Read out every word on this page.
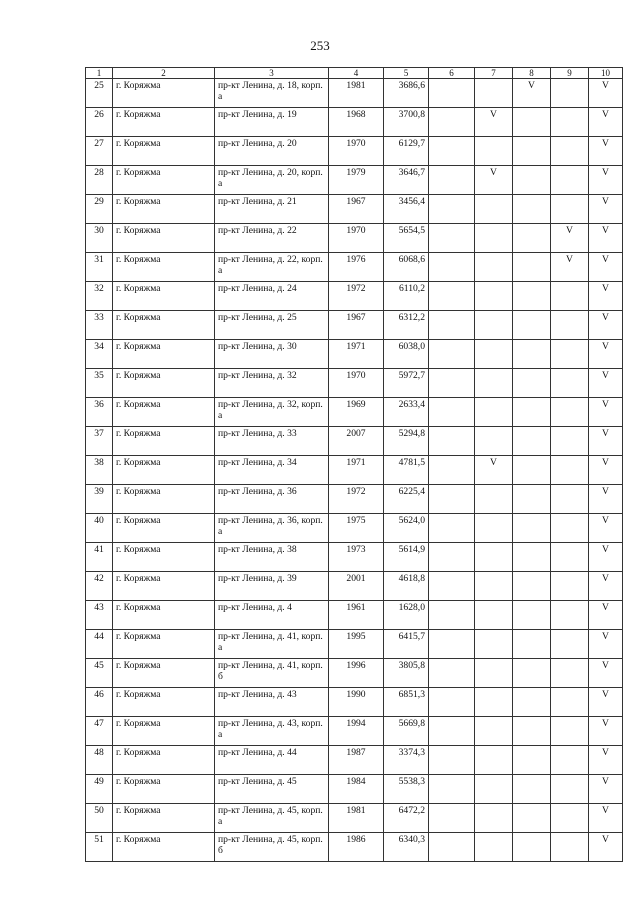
253
1	2	3	4	5	6	7	8	9	10
25	г. Коряжма	пр-кт Ленина, д. 18, корп. а	1981	3686,6			V		V
26	г. Коряжма	пр-кт Ленина, д. 19	1968	3700,8		V			V
27	г. Коряжма	пр-кт Ленина, д. 20	1970	6129,7					V
28	г. Коряжма	пр-кт Ленина, д. 20, корп. а	1979	3646,7		V			V
29	г. Коряжма	пр-кт Ленина, д. 21	1967	3456,4					V
30	г. Коряжма	пр-кт Ленина, д. 22	1970	5654,5				V	V
31	г. Коряжма	пр-кт Ленина, д. 22, корп. а	1976	6068,6				V	V
32	г. Коряжма	пр-кт Ленина, д. 24	1972	6110,2					V
33	г. Коряжма	пр-кт Ленина, д. 25	1967	6312,2					V
34	г. Коряжма	пр-кт Ленина, д. 30	1971	6038,0					V
35	г. Коряжма	пр-кт Ленина, д. 32	1970	5972,7					V
36	г. Коряжма	пр-кт Ленина, д. 32, корп. а	1969	2633,4					V
37	г. Коряжма	пр-кт Ленина, д. 33	2007	5294,8					V
38	г. Коряжма	пр-кт Ленина, д. 34	1971	4781,5		V			V
39	г. Коряжма	пр-кт Ленина, д. 36	1972	6225,4					V
40	г. Коряжма	пр-кт Ленина, д. 36, корп. а	1975	5624,0					V
41	г. Коряжма	пр-кт Ленина, д. 38	1973	5614,9					V
42	г. Коряжма	пр-кт Ленина, д. 39	2001	4618,8					V
43	г. Коряжма	пр-кт Ленина, д. 4	1961	1628,0					V
44	г. Коряжма	пр-кт Ленина, д. 41, корп. а	1995	6415,7					V
45	г. Коряжма	пр-кт Ленина, д. 41, корп. б	1996	3805,8					V
46	г. Коряжма	пр-кт Ленина, д. 43	1990	6851,3					V
47	г. Коряжма	пр-кт Ленина, д. 43, корп. а	1994	5669,8					V
48	г. Коряжма	пр-кт Ленина, д. 44	1987	3374,3					V
49	г. Коряжма	пр-кт Ленина, д. 45	1984	5538,3					V
50	г. Коряжма	пр-кт Ленина, д. 45, корп. а	1981	6472,2					V
51	г. Коряжма	пр-кт Ленина, д. 45, корп. б	1986	6340,3					V
